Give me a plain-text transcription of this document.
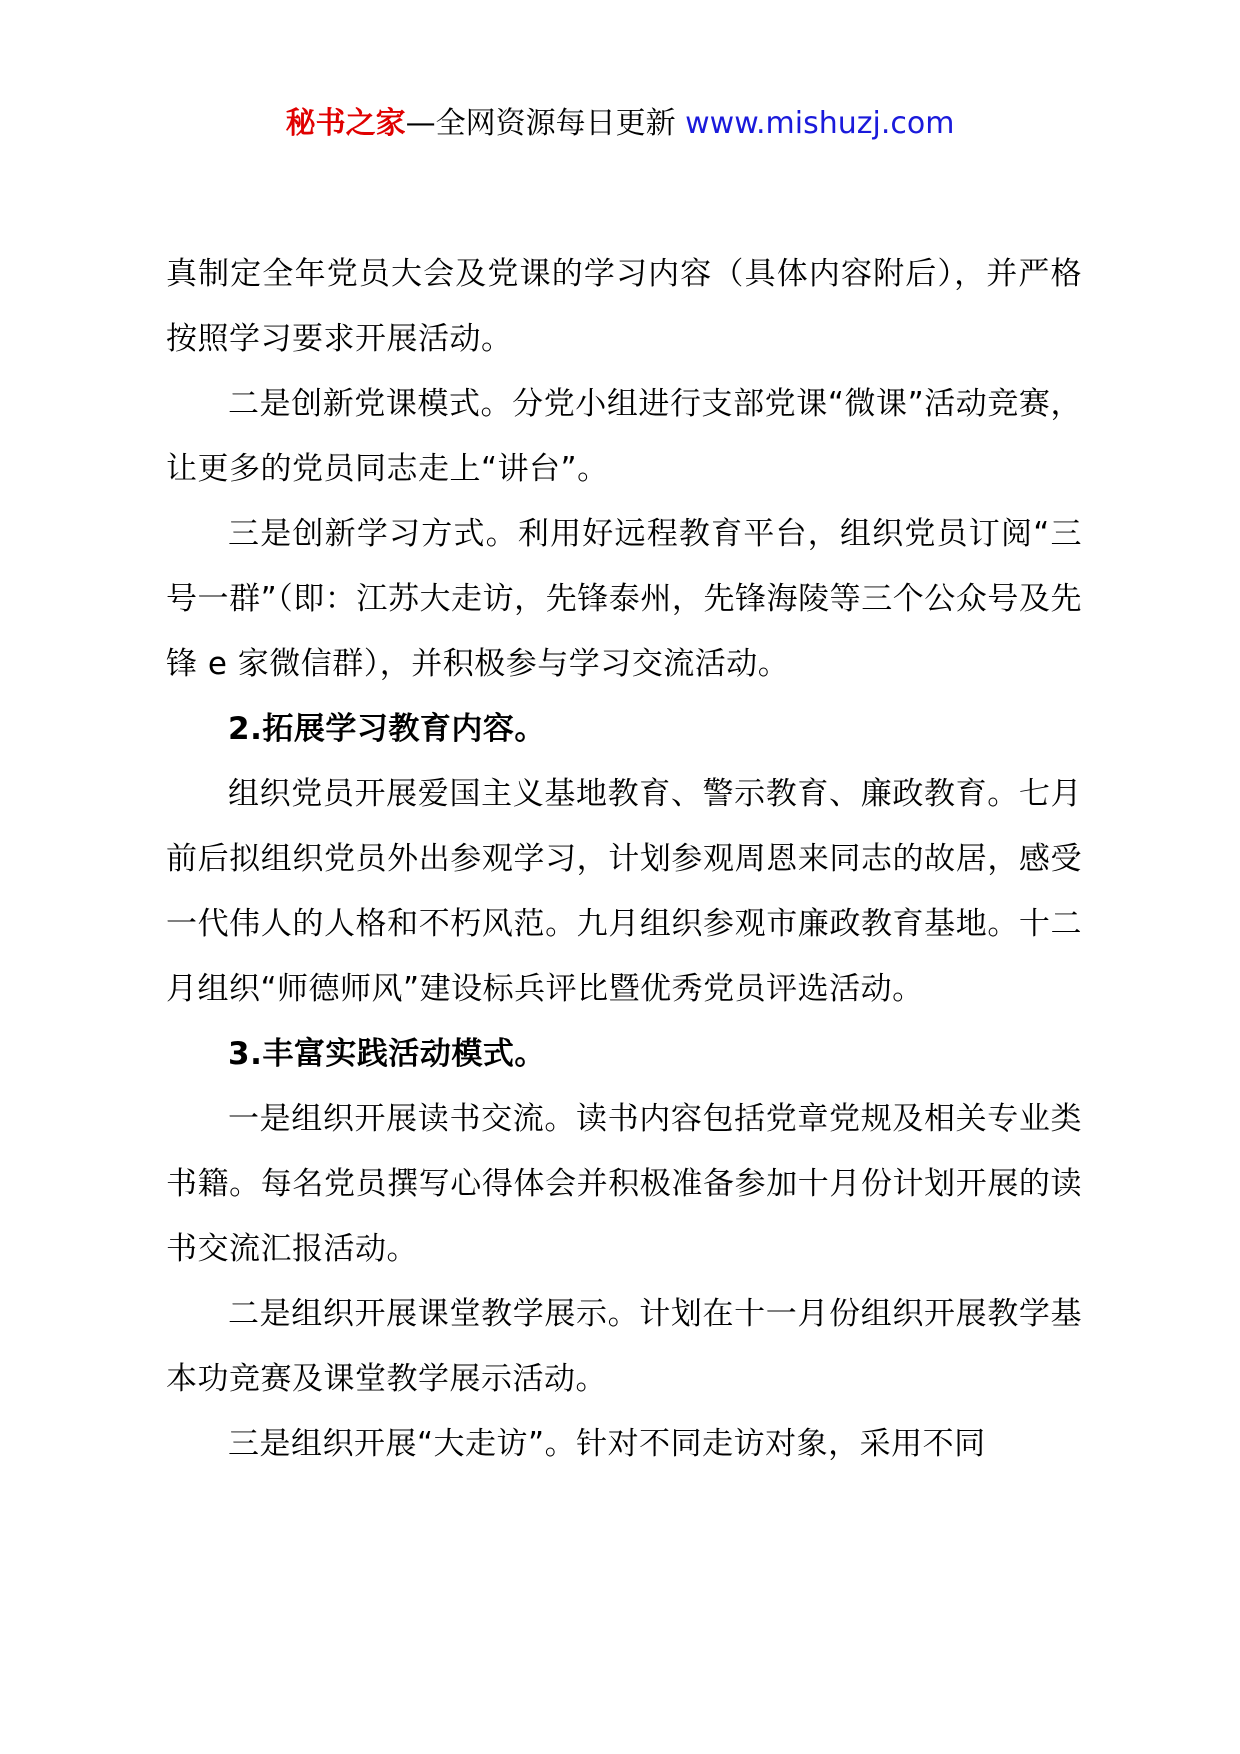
秘书之家—全网资源每日更新 www.mishuzj.com

真制定全年党员大会及党课的学习内容（具体内容附后），并严格按照学习要求开展活动。

二是创新党课模式。分党小组进行支部党课“微课”活动竞赛，让更多的党员同志走上“讲台”。

三是创新学习方式。利用好远程教育平台，组织党员订阅“三号一群”（即：江苏大走访，先锋泰州，先锋海陵等三个公众号及先锋 e 家微信群），并积极参与学习交流活动。

2.拓展学习教育内容。

组织党员开展爱国主义基地教育、警示教育、廉政教育。七月前后拟组织党员外出参观学习，计划参观周恩来同志的故居，感受一代伟人的人格和不朽风范。九月组织参观市廉政教育基地。十二月组织“师德师风”建设标兵评比暨优秀党员评选活动。

3.丰富实践活动模式。

一是组织开展读书交流。读书内容包括党章党规及相关专业类书籍。每名党员撰写心得体会并积极准备参加十月份计划开展的读书交流汇报活动。

二是组织开展课堂教学展示。计划在十一月份组织开展教学基本功竞赛及课堂教学展示活动。

三是组织开展“大走访”。针对不同走访对象，采用不同
